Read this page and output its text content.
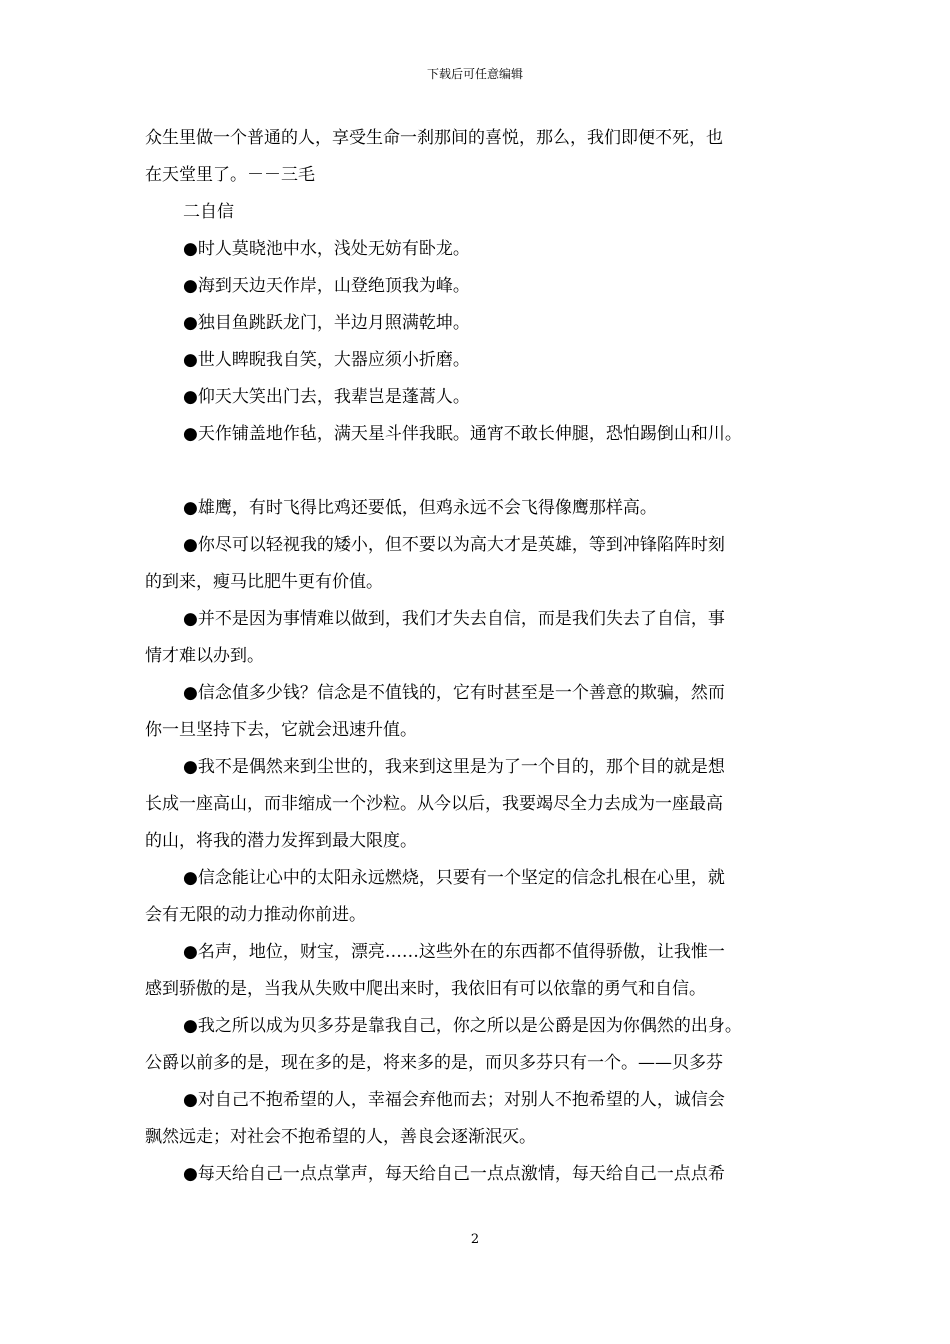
下载后可任意编辑
众生里做一个普通的人，享受生命一刹那间的喜悦，那么，我们即便不死，也
在天堂里了。－－三毛
二自信
●时人莫晓池中水，浅处无妨有卧龙。
●海到天边天作岸，山登绝顶我为峰。
●独目鱼跳跃龙门，半边月照满乾坤。
●世人睥睨我自笑，大器应须小折磨。
●仰天大笑出门去，我辈岂是蓬蒿人。
●天作铺盖地作毡，满天星斗伴我眠。通宵不敢长伸腿，恐怕踢倒山和川。
●雄鹰，有时飞得比鸡还要低，但鸡永远不会飞得像鹰那样高。
●你尽可以轻视我的矮小，但不要以为高大才是英雄，等到冲锋陷阵时刻
的到来，瘦马比肥牛更有价值。
●并不是因为事情难以做到，我们才失去自信，而是我们失去了自信，事
情才难以办到。
●信念值多少钱？信念是不值钱的，它有时甚至是一个善意的欺骗，然而
你一旦坚持下去，它就会迅速升值。
●我不是偶然来到尘世的，我来到这里是为了一个目的，那个目的就是想
长成一座高山，而非缩成一个沙粒。从今以后，我要竭尽全力去成为一座最高
的山，将我的潜力发挥到最大限度。
●信念能让心中的太阳永远燃烧，只要有一个坚定的信念扎根在心里，就
会有无限的动力推动你前进。
●名声，地位，财宝，漂亮……这些外在的东西都不值得骄傲，让我惟一
感到骄傲的是，当我从失败中爬出来时，我依旧有可以依靠的勇气和自信。
●我之所以成为贝多芬是靠我自己，你之所以是公爵是因为你偶然的出身。
公爵以前多的是，现在多的是，将来多的是，而贝多芬只有一个。——贝多芬
●对自己不抱希望的人，幸福会弃他而去；对别人不抱希望的人，诚信会
飘然远走；对社会不抱希望的人，善良会逐渐泯灭。
●每天给自己一点点掌声，每天给自己一点点激情，每天给自己一点点希
2
